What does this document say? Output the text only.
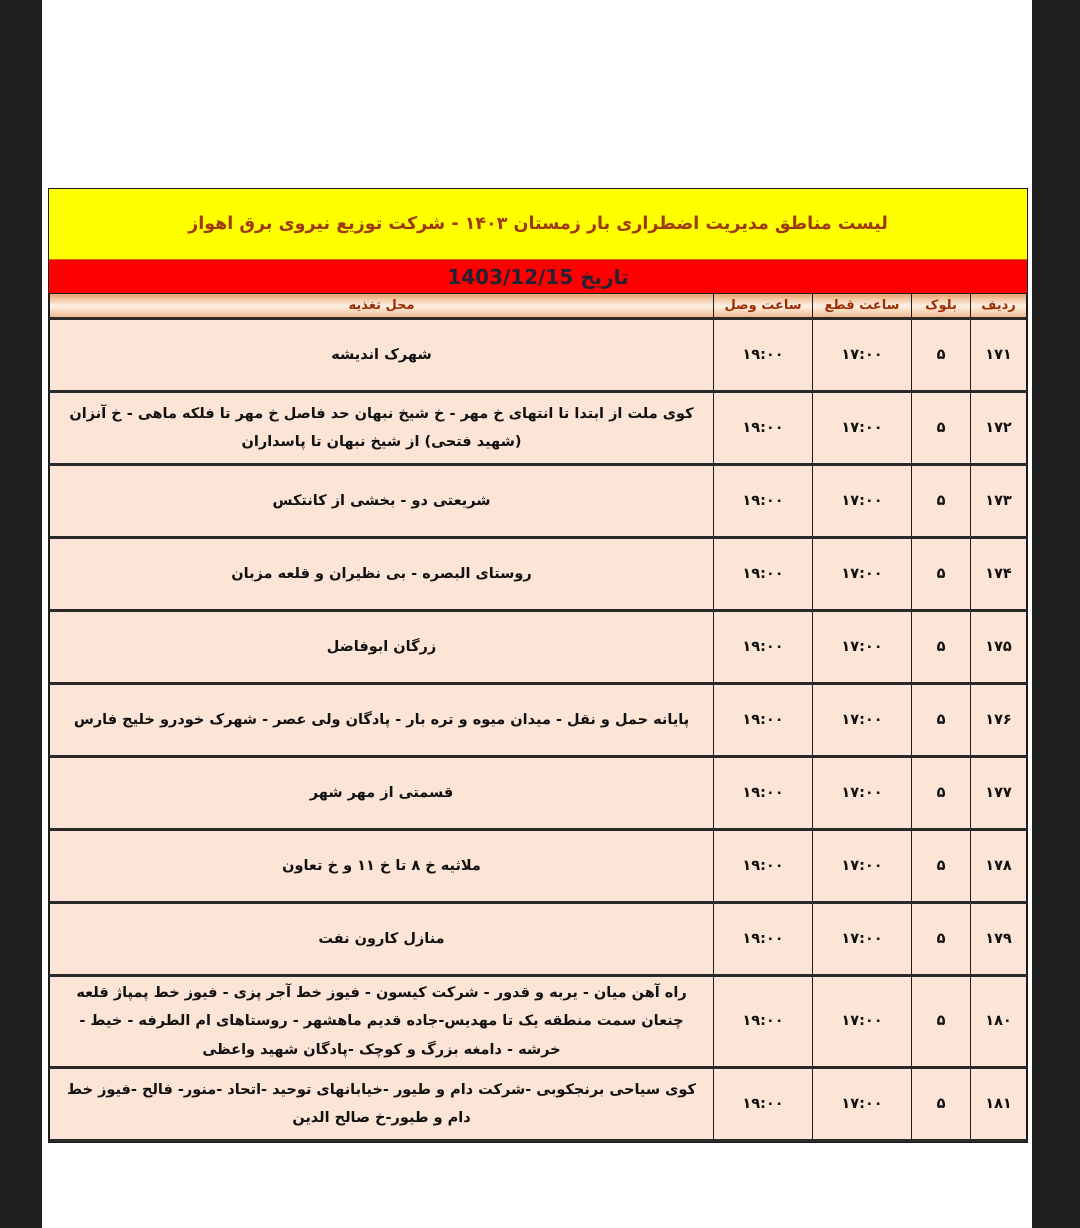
لیست مناطق مدیریت اضطراری بار زمستان ۱۴۰۳ - شرکت توزیع نیروی برق اهواز
تاریخ 1403/12/15
ردیف	بلوک	ساعت قطع	ساعت وصل	محل تغذیه
۱۷۱	۵	۱۷:۰۰	۱۹:۰۰	شهرک اندیشه
۱۷۲	۵	۱۷:۰۰	۱۹:۰۰	کوی ملت از ابتدا تا انتهای خ مهر - خ شیخ نبهان حد فاصل خ مهر تا فلکه ماهی - خ آنزان (شهید فتحی) از شیخ نبهان تا پاسداران
۱۷۳	۵	۱۷:۰۰	۱۹:۰۰	شریعتی دو - بخشی از کانتکس
۱۷۴	۵	۱۷:۰۰	۱۹:۰۰	روستای البصره - بی نظیران و قلعه مزبان
۱۷۵	۵	۱۷:۰۰	۱۹:۰۰	زرگان ابوفاضل
۱۷۶	۵	۱۷:۰۰	۱۹:۰۰	پایانه حمل و نقل - میدان میوه و تره بار - پادگان ولی عصر - شهرک خودرو خلیج فارس
۱۷۷	۵	۱۷:۰۰	۱۹:۰۰	قسمتی از مهر شهر
۱۷۸	۵	۱۷:۰۰	۱۹:۰۰	ملاثیه خ ۸ تا خ ۱۱ و خ تعاون
۱۷۹	۵	۱۷:۰۰	۱۹:۰۰	منازل کارون نفت
۱۸۰	۵	۱۷:۰۰	۱۹:۰۰	راه آهن میان - یربه و قدور - شرکت کیسون - فیوز خط آجر پزی - فیوز خط پمپاژ قلعه چنعان سمت منطقه یک تا مهدیس-جاده قدیم ماهشهر - روستاهای ام الطرفه - خیط - خرشه - دامغه بزرگ و کوچک -پادگان شهید واعظی
۱۸۱	۵	۱۷:۰۰	۱۹:۰۰	کوی سیاحی برنجکوبی -شرکت دام و طیور -خیابانهای توحید -اتحاد -منور- فالح -فیوز خط دام و طیور-خ صالح الدین
